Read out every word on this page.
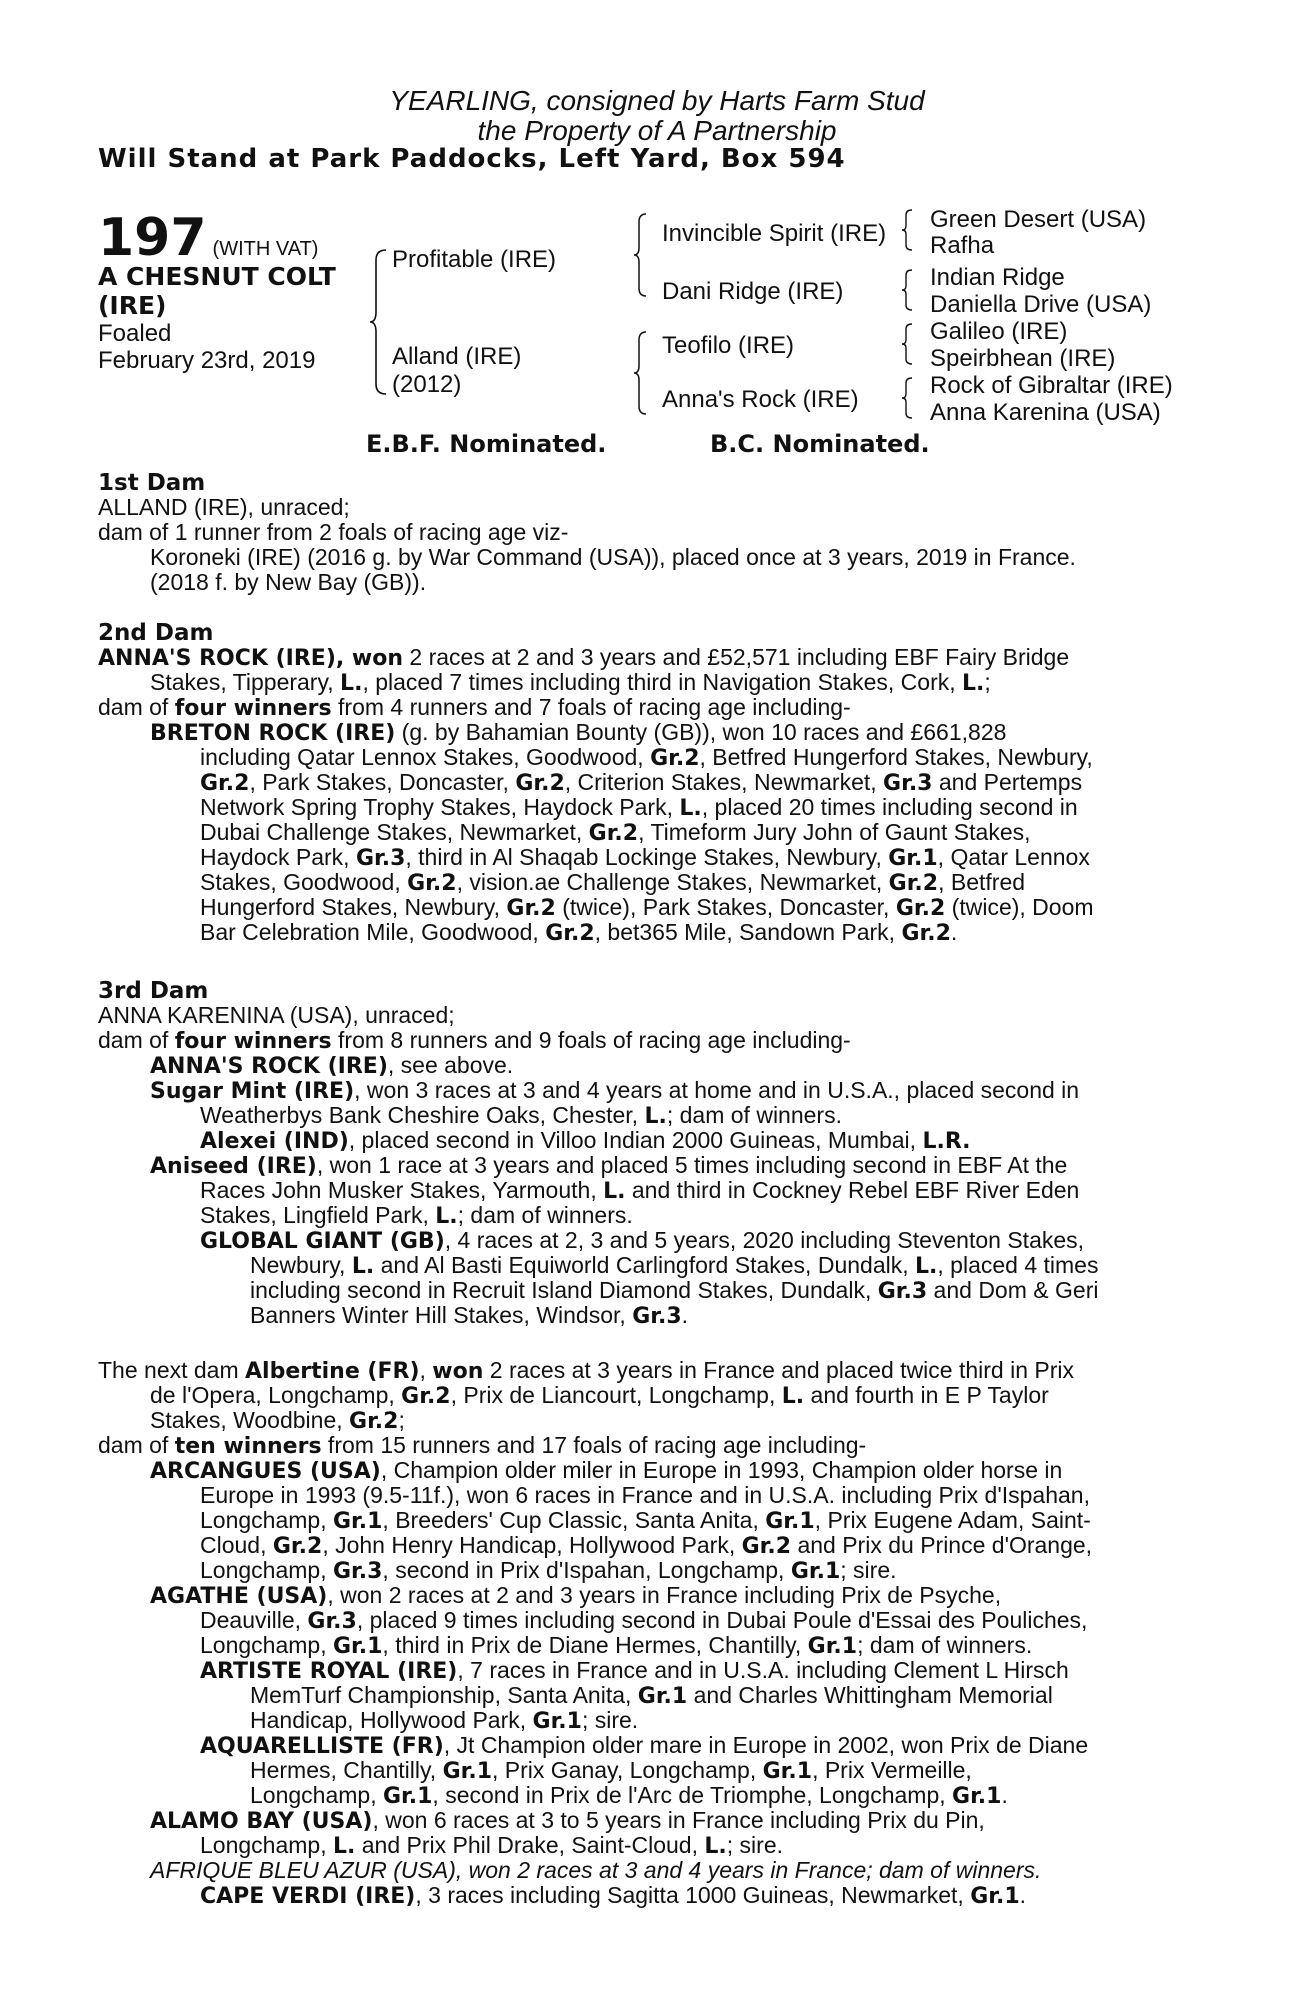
YEARLING, consigned by Harts Farm Stud
the Property of A Partnership
Will Stand at Park Paddocks, Left Yard, Box 594
197 (WITH VAT)
A CHESNUT COLT
(IRE)
Foaled
February 23rd, 2019
Profitable (IRE)
Alland (IRE)
(2012)
Invincible Spirit (IRE)
Dani Ridge (IRE)
Teofilo (IRE)
Anna's Rock (IRE)
Green Desert (USA)
Rafha
Indian Ridge
Daniella Drive (USA)
Galileo (IRE)
Speirbhean (IRE)
Rock of Gibraltar (IRE)
Anna Karenina (USA)
E.B.F. Nominated.	B.C. Nominated.
1st Dam
ALLAND (IRE), unraced;
dam of 1 runner from 2 foals of racing age viz-
Koroneki (IRE) (2016 g. by War Command (USA)), placed once at 3 years, 2019 in France.
(2018 f. by New Bay (GB)).
2nd Dam
ANNA'S ROCK (IRE), won 2 races at 2 and 3 years and £52,571 including EBF Fairy Bridge
Stakes, Tipperary, L., placed 7 times including third in Navigation Stakes, Cork, L.;
dam of four winners from 4 runners and 7 foals of racing age including-
BRETON ROCK (IRE) (g. by Bahamian Bounty (GB)), won 10 races and £661,828
including Qatar Lennox Stakes, Goodwood, Gr.2, Betfred Hungerford Stakes, Newbury,
Gr.2, Park Stakes, Doncaster, Gr.2, Criterion Stakes, Newmarket, Gr.3 and Pertemps
Network Spring Trophy Stakes, Haydock Park, L., placed 20 times including second in
Dubai Challenge Stakes, Newmarket, Gr.2, Timeform Jury John of Gaunt Stakes,
Haydock Park, Gr.3, third in Al Shaqab Lockinge Stakes, Newbury, Gr.1, Qatar Lennox
Stakes, Goodwood, Gr.2, vision.ae Challenge Stakes, Newmarket, Gr.2, Betfred
Hungerford Stakes, Newbury, Gr.2 (twice), Park Stakes, Doncaster, Gr.2 (twice), Doom
Bar Celebration Mile, Goodwood, Gr.2, bet365 Mile, Sandown Park, Gr.2.
3rd Dam
ANNA KARENINA (USA), unraced;
dam of four winners from 8 runners and 9 foals of racing age including-
ANNA'S ROCK (IRE), see above.
Sugar Mint (IRE), won 3 races at 3 and 4 years at home and in U.S.A., placed second in
Weatherbys Bank Cheshire Oaks, Chester, L.; dam of winners.
Alexei (IND), placed second in Villoo Indian 2000 Guineas, Mumbai, L.R.
Aniseed (IRE), won 1 race at 3 years and placed 5 times including second in EBF At the
Races John Musker Stakes, Yarmouth, L. and third in Cockney Rebel EBF River Eden
Stakes, Lingfield Park, L.; dam of winners.
GLOBAL GIANT (GB), 4 races at 2, 3 and 5 years, 2020 including Steventon Stakes,
Newbury, L. and Al Basti Equiworld Carlingford Stakes, Dundalk, L., placed 4 times
including second in Recruit Island Diamond Stakes, Dundalk, Gr.3 and Dom & Geri
Banners Winter Hill Stakes, Windsor, Gr.3.
The next dam Albertine (FR), won 2 races at 3 years in France and placed twice third in Prix
de l'Opera, Longchamp, Gr.2, Prix de Liancourt, Longchamp, L. and fourth in E P Taylor
Stakes, Woodbine, Gr.2;
dam of ten winners from 15 runners and 17 foals of racing age including-
ARCANGUES (USA), Champion older miler in Europe in 1993, Champion older horse in
Europe in 1993 (9.5-11f.), won 6 races in France and in U.S.A. including Prix d'Ispahan,
Longchamp, Gr.1, Breeders' Cup Classic, Santa Anita, Gr.1, Prix Eugene Adam, Saint-
Cloud, Gr.2, John Henry Handicap, Hollywood Park, Gr.2 and Prix du Prince d'Orange,
Longchamp, Gr.3, second in Prix d'Ispahan, Longchamp, Gr.1; sire.
AGATHE (USA), won 2 races at 2 and 3 years in France including Prix de Psyche,
Deauville, Gr.3, placed 9 times including second in Dubai Poule d'Essai des Pouliches,
Longchamp, Gr.1, third in Prix de Diane Hermes, Chantilly, Gr.1; dam of winners.
ARTISTE ROYAL (IRE), 7 races in France and in U.S.A. including Clement L Hirsch
MemTurf Championship, Santa Anita, Gr.1 and Charles Whittingham Memorial
Handicap, Hollywood Park, Gr.1; sire.
AQUARELLISTE (FR), Jt Champion older mare in Europe in 2002, won Prix de Diane
Hermes, Chantilly, Gr.1, Prix Ganay, Longchamp, Gr.1, Prix Vermeille,
Longchamp, Gr.1, second in Prix de l'Arc de Triomphe, Longchamp, Gr.1.
ALAMO BAY (USA), won 6 races at 3 to 5 years in France including Prix du Pin,
Longchamp, L. and Prix Phil Drake, Saint-Cloud, L.; sire.
AFRIQUE BLEU AZUR (USA), won 2 races at 3 and 4 years in France; dam of winners.
CAPE VERDI (IRE), 3 races including Sagitta 1000 Guineas, Newmarket, Gr.1.
